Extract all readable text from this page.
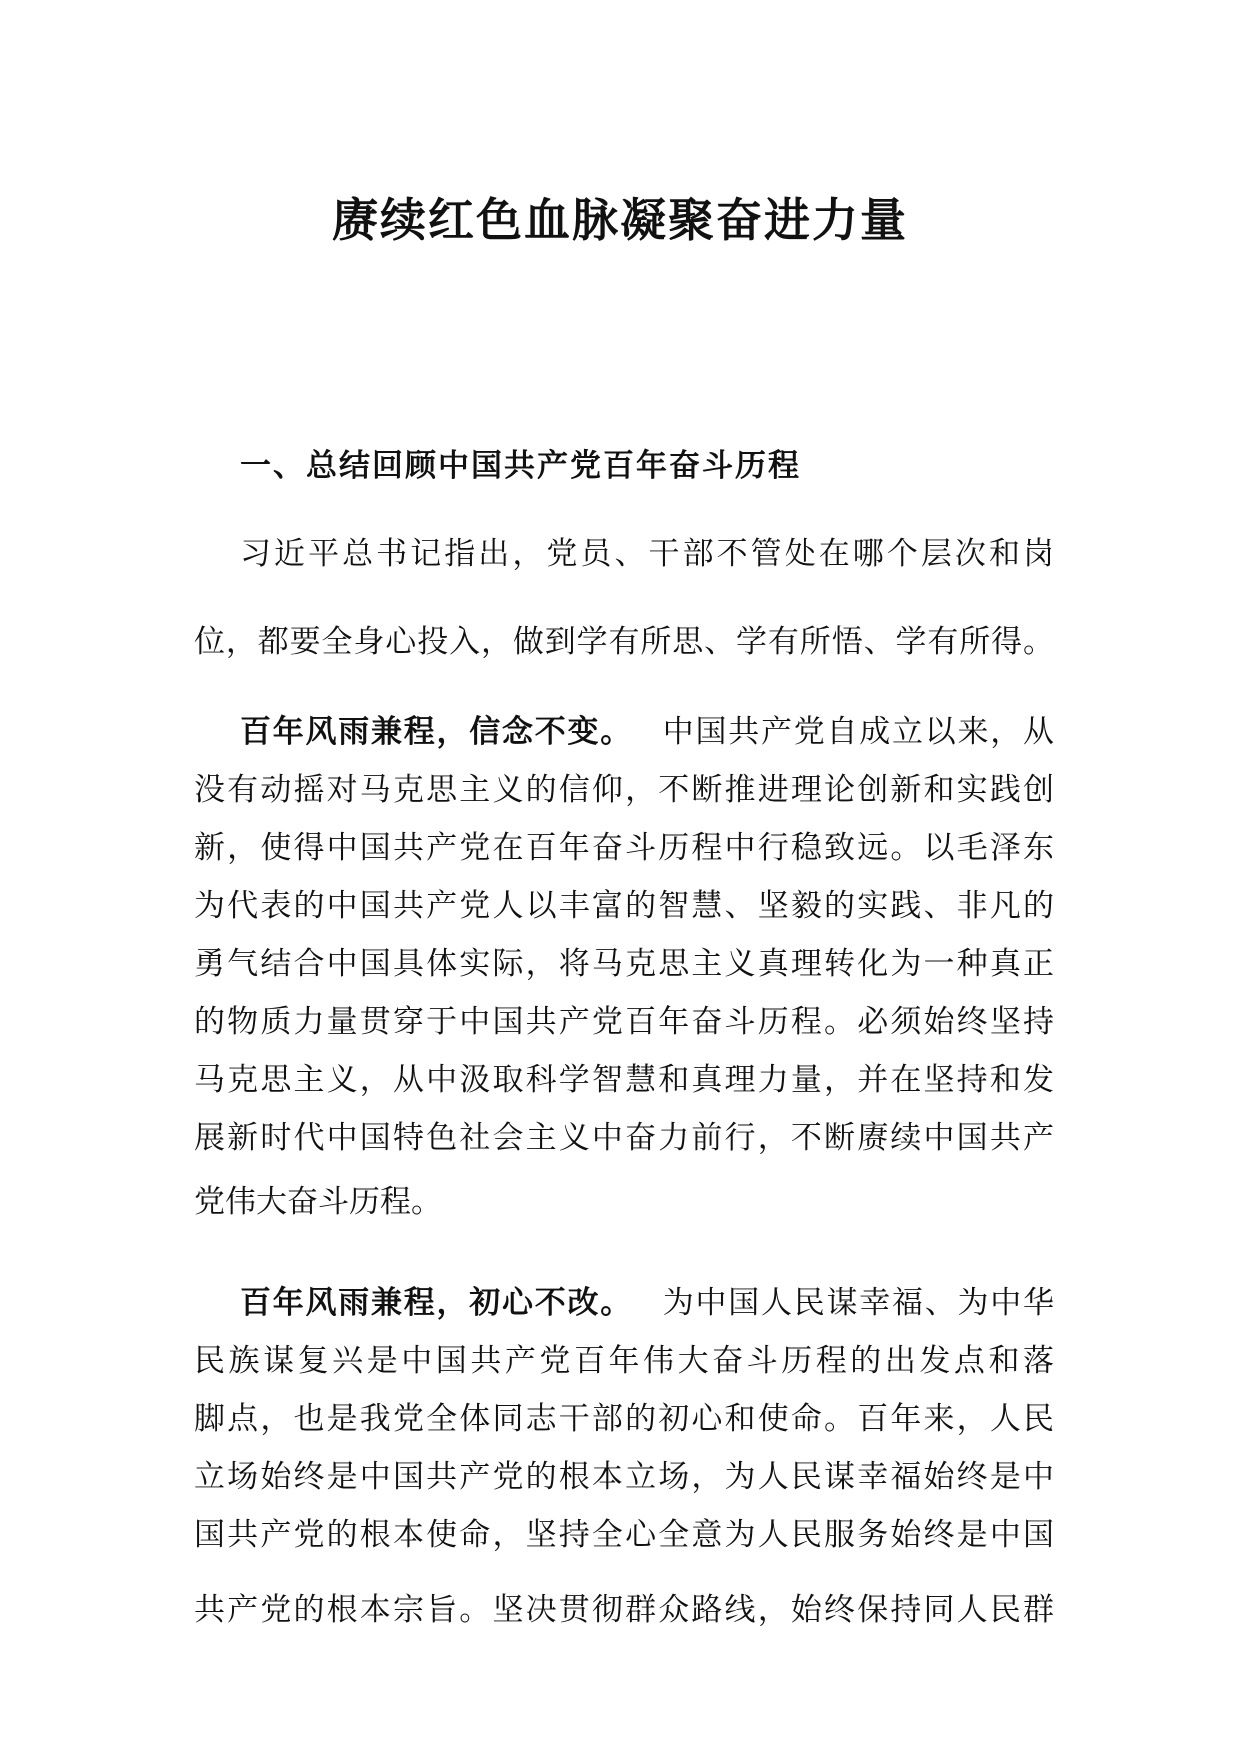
赓续红色血脉凝聚奋进力量
一、总结回顾中国共产党百年奋斗历程
习近平总书记指出，党员、干部不管处在哪个层次和岗
位，都要全身心投入，做到学有所思、学有所悟、学有所得。
百年风雨兼程，信念不变。 中国共产党自成立以来，从
没有动摇对马克思主义的信仰，不断推进理论创新和实践创
新，使得中国共产党在百年奋斗历程中行稳致远。以毛泽东
为代表的中国共产党人以丰富的智慧、坚毅的实践、非凡的
勇气结合中国具体实际，将马克思主义真理转化为一种真正
的物质力量贯穿于中国共产党百年奋斗历程。必须始终坚持
马克思主义，从中汲取科学智慧和真理力量，并在坚持和发
展新时代中国特色社会主义中奋力前行，不断赓续中国共产
党伟大奋斗历程。
百年风雨兼程，初心不改。 为中国人民谋幸福、为中华
民族谋复兴是中国共产党百年伟大奋斗历程的出发点和落
脚点，也是我党全体同志干部的初心和使命。百年来，人民
立场始终是中国共产党的根本立场，为人民谋幸福始终是中
国共产党的根本使命，坚持全心全意为人民服务始终是中国
共产党的根本宗旨。坚决贯彻群众路线，始终保持同人民群
